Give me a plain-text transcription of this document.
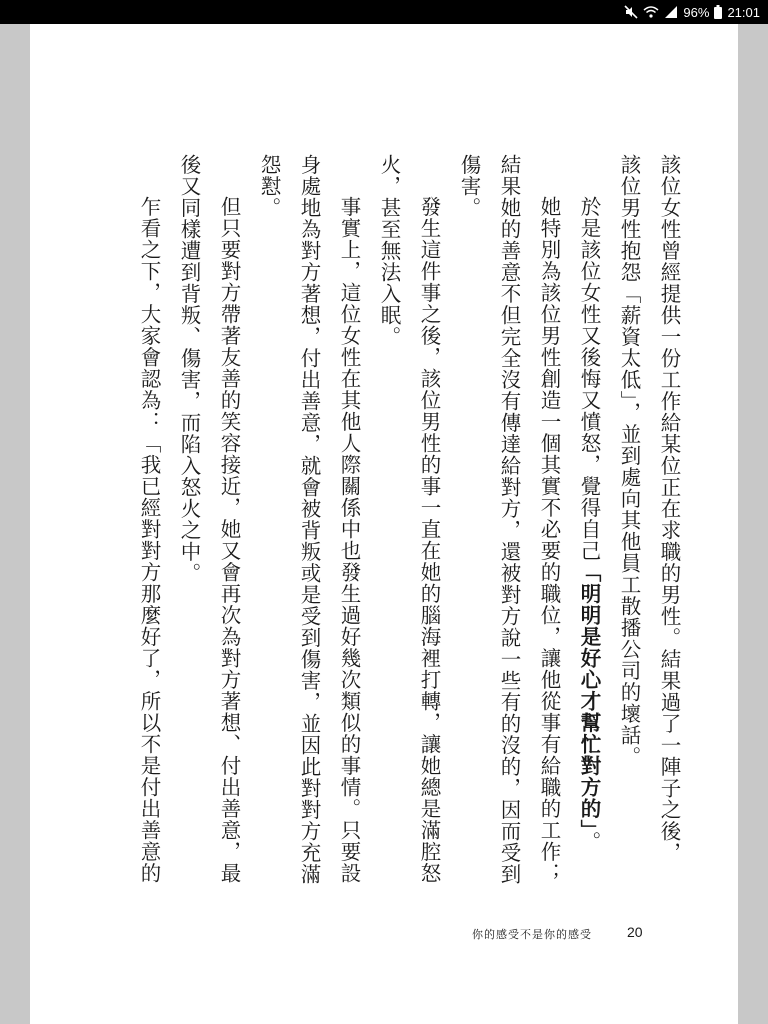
96% 21:01
該位女性曾經提供一份工作給某位正在求職的男性。結果過了一陣子之後，
該位男性抱怨「薪資太低」，並到處向其他員工散播公司的壞話。
於是該位女性又後悔又憤怒，覺得自己「明明是好心才幫忙對方的」。
她特別為該位男性創造一個其實不必要的職位，讓他從事有給職的工作；
結果她的善意不但完全沒有傳達給對方，還被對方說一些有的沒的，因而受到
傷害。
發生這件事之後，該位男性的事一直在她的腦海裡打轉，讓她總是滿腔怒
火，甚至無法入眠。
事實上，這位女性在其他人際關係中也發生過好幾次類似的事情。只要設
身處地為對方著想，付出善意，就會被背叛或是受到傷害，並因此對對方充滿
怨懟。
但只要對方帶著友善的笑容接近，她又會再次為對方著想、付出善意，最
後又同樣遭到背叛、傷害，而陷入怒火之中。
乍看之下，大家會認為：「我已經對對方那麼好了，所以不是付出善意的
你的感受不是你的感受	20
